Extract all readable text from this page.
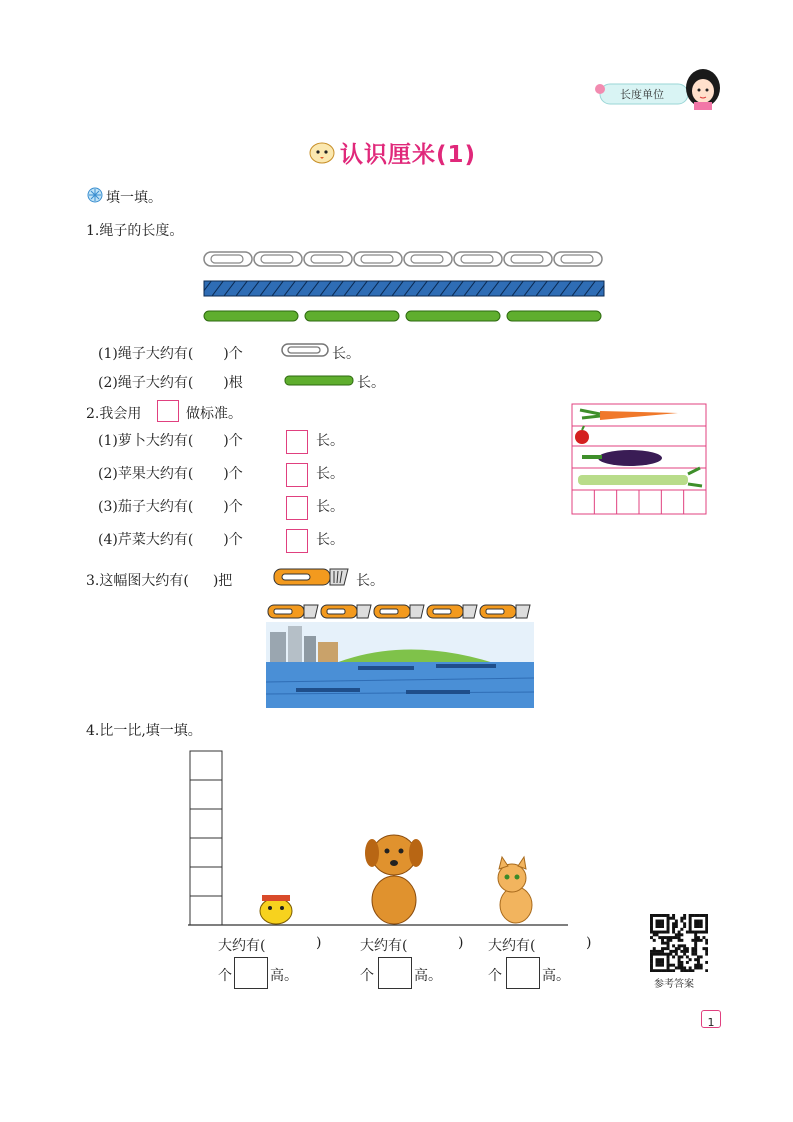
长度单位
认识厘米(1)
填一填。
1.绳子的长度。
(1)绳子大约有( )个	长。
(2)绳子大约有( )根	长。
2.我会用	做标准。
(1)萝卜大约有( )个
(2)苹果大约有( )个
(3)茄子大约有( )个
(4)芹菜大约有( )个
长。
长。
长。
长。
3.这幅图大约有( )把	长。
4.比一比,填一填。
大约有(	)
个	高。
大约有(	)
个	高。
大约有(	)
个	高。
参考答案
1
